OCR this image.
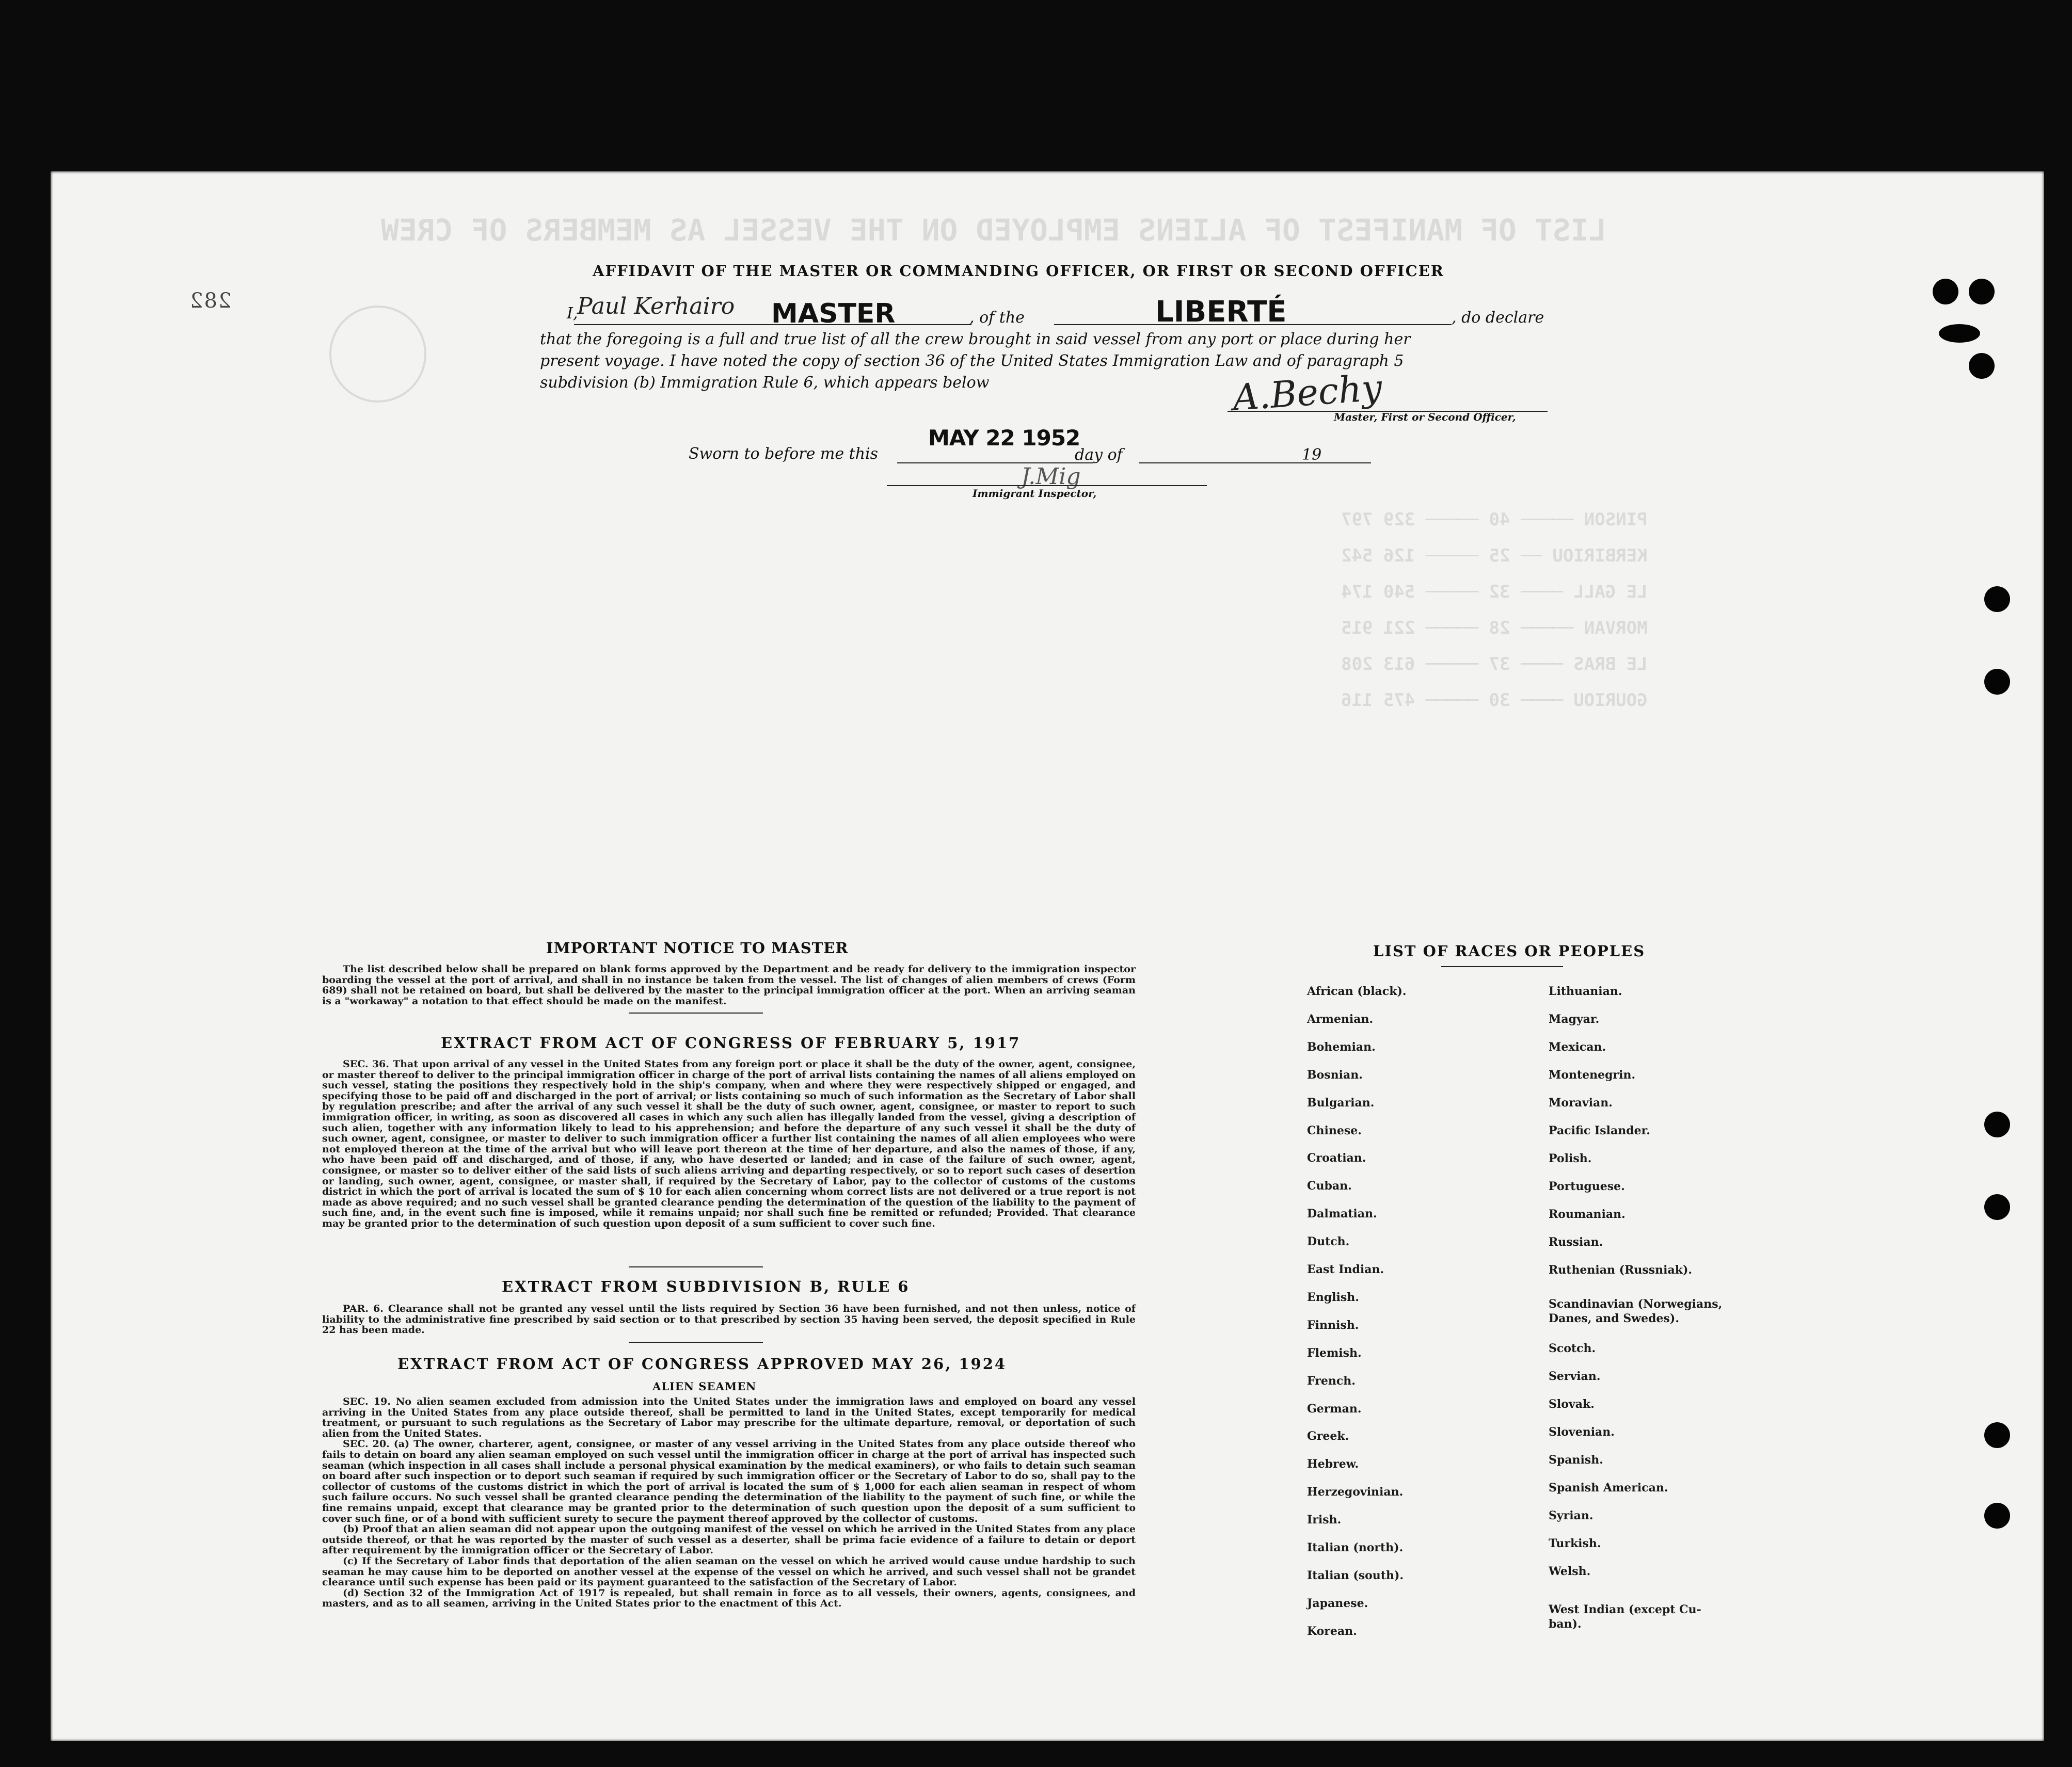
LIST OF MANIFEST OF ALIENS EMPLOYED ON THE VESSEL AS MEMBERS OF CREW
PINSON ───── 40 ───── 329 797
KERBIRIOU ── 25 ───── 126 542
LE GALL ──── 32 ───── 540 174
MORVAN ───── 28 ───── 221 915
LE BRAS ──── 37 ───── 613 208
GOURIOU ──── 30 ───── 475 116
282
AFFIDAVIT OF THE MASTER OR COMMANDING OFFICER, OR FIRST OR SECOND OFFICER
I,
Paul Kerhairo MASTER	, of the	LIBERTÉ	, do declare
that the foregoing is a full and true list of all the crew brought in said vessel from any port or place during her
present voyage. I have noted the copy of section 36 of the United States Immigration Law and of paragraph 5
subdivision (b) Immigration Rule 6, which appears below	A.Bechy
Master, First or Second Officer,
Sworn to before me this
MAY 22 1952
day of	19
J.Mig
Immigrant Inspector,
IMPORTANT NOTICE TO MASTER

The list described below shall be prepared on blank forms approved by the Department and be ready for delivery to the immigration inspector boarding the vessel at the port of arrival, and shall in no instance be taken from the vessel. The list of changes of alien members of crews (Form 689) shall not be retained on board, but shall be delivered by the master to the principal immigration officer at the port. When an arriving seaman is a "workaway" a notation to that effect should be made on the manifest.

EXTRACT FROM ACT OF CONGRESS OF FEBRUARY 5, 1917

SEC. 36. That upon arrival of any vessel in the United States from any foreign port or place it shall be the duty of the owner, agent, consignee, or master thereof to deliver to the principal immigration officer in charge of the port of arrival lists containing the names of all aliens employed on such vessel, stating the positions they respectively hold in the ship's company, when and where they were respectively shipped or engaged, and specifying those to be paid off and discharged in the port of arrival; or lists containing so much of such information as the Secretary of Labor shall by regulation prescribe; and after the arrival of any such vessel it shall be the duty of such owner, agent, consignee, or master to report to such immigration officer, in writing, as soon as discovered all cases in which any such alien has illegally landed from the vessel, giving a description of such alien, together with any information likely to lead to his apprehension; and before the departure of any such vessel it shall be the duty of such owner, agent, consignee, or master to deliver to such immigration officer a further list containing the names of all alien employees who were not employed thereon at the time of the arrival but who will leave port thereon at the time of her departure, and also the names of those, if any, who have been paid off and discharged, and of those, if any, who have deserted or landed; and in case of the failure of such owner, agent, consignee, or master so to deliver either of the said lists of such aliens arriving and departing respectively, or so to report such cases of desertion or landing, such owner, agent, consignee, or master shall, if required by the Secretary of Labor, pay to the collector of customs of the customs district in which the port of arrival is located the sum of $ 10 for each alien concerning whom correct lists are not delivered or a true report is not made as above required; and no such vessel shall be granted clearance pending the determination of the question of the liability to the payment of such fine, and, in the event such fine is imposed, while it remains unpaid; nor shall such fine be remitted or refunded; Provided. That clearance may be granted prior to the determination of such question upon deposit of a sum sufficient to cover such fine.

EXTRACT FROM SUBDIVISION B, RULE 6

PAR. 6. Clearance shall not be granted any vessel until the lists required by Section 36 have been furnished, and not then unless, notice of liability to the administrative fine prescribed by said section or to that prescribed by section 35 having been served, the deposit specified in Rule 22 has been made.

EXTRACT FROM ACT OF CONGRESS APPROVED MAY 26, 1924
ALIEN SEAMEN

SEC. 19. No alien seamen excluded from admission into the United States under the immigration laws and employed on board any vessel arriving in the United States from any place outside thereof, shall be permitted to land in the United States, except temporarily for medical treatment, or pursuant to such regulations as the Secretary of Labor may prescribe for the ultimate departure, removal, or deportation of such alien from the United States.

SEC. 20. (a) The owner, charterer, agent, consignee, or master of any vessel arriving in the United States from any place outside thereof who fails to detain on board any alien seaman employed on such vessel until the immigration officer in charge at the port of arrival has inspected such seaman (which inspection in all cases shall include a personal physical examination by the medical examiners), or who fails to detain such seaman on board after such inspection or to deport such seaman if required by such immigration officer or the Secretary of Labor to do so, shall pay to the collector of customs of the customs district in which the port of arrival is located the sum of $ 1,000 for each alien seaman in respect of whom such failure occurs. No such vessel shall be granted clearance pending the determination of the liability to the payment of such fine, or while the fine remains unpaid, except that clearance may be granted prior to the determination of such question upon the deposit of a sum sufficient to cover such fine, or of a bond with sufficient surety to secure the payment thereof approved by the collector of customs.

(b) Proof that an alien seaman did not appear upon the outgoing manifest of the vessel on which he arrived in the United States from any place outside thereof, or that he was reported by the master of such vessel as a deserter, shall be prima facie evidence of a failure to detain or deport after requirement by the immigration officer or the Secretary of Labor.

(c) If the Secretary of Labor finds that deportation of the alien seaman on the vessel on which he arrived would cause undue hardship to such seaman he may cause him to be deported on another vessel at the expense of the vessel on which he arrived, and such vessel shall not be grandet clearance until such expense has been paid or its payment guaranteed to the satisfaction of the Secretary of Labor.

(d) Section 32 of the Immigration Act of 1917 is repealed, but shall remain in force as to all vessels, their owners, agents, consignees, and masters, and as to all seamen, arriving in the United States prior to the enactment of this Act.

LIST OF RACES OR PEOPLES
African (black).
Armenian.
Bohemian.
Bosnian.
Bulgarian.
Chinese.
Croatian.
Cuban.
Dalmatian.
Dutch.
East Indian.
English.
Finnish.
Flemish.
French.
German.
Greek.
Hebrew.
Herzegovinian.
Irish.
Italian (north).
Italian (south).
Japanese.
Korean.
Lithuanian.
Magyar.
Mexican.
Montenegrin.
Moravian.
Pacific Islander.
Polish.
Portuguese.
Roumanian.
Russian.
Ruthenian (Russniak).
Scandinavian (Norwegians,
Danes, and Swedes).
Scotch.
Servian.
Slovak.
Slovenian.
Spanish.
Spanish American.
Syrian.
Turkish.
Welsh.
West Indian (except Cu-
ban).
